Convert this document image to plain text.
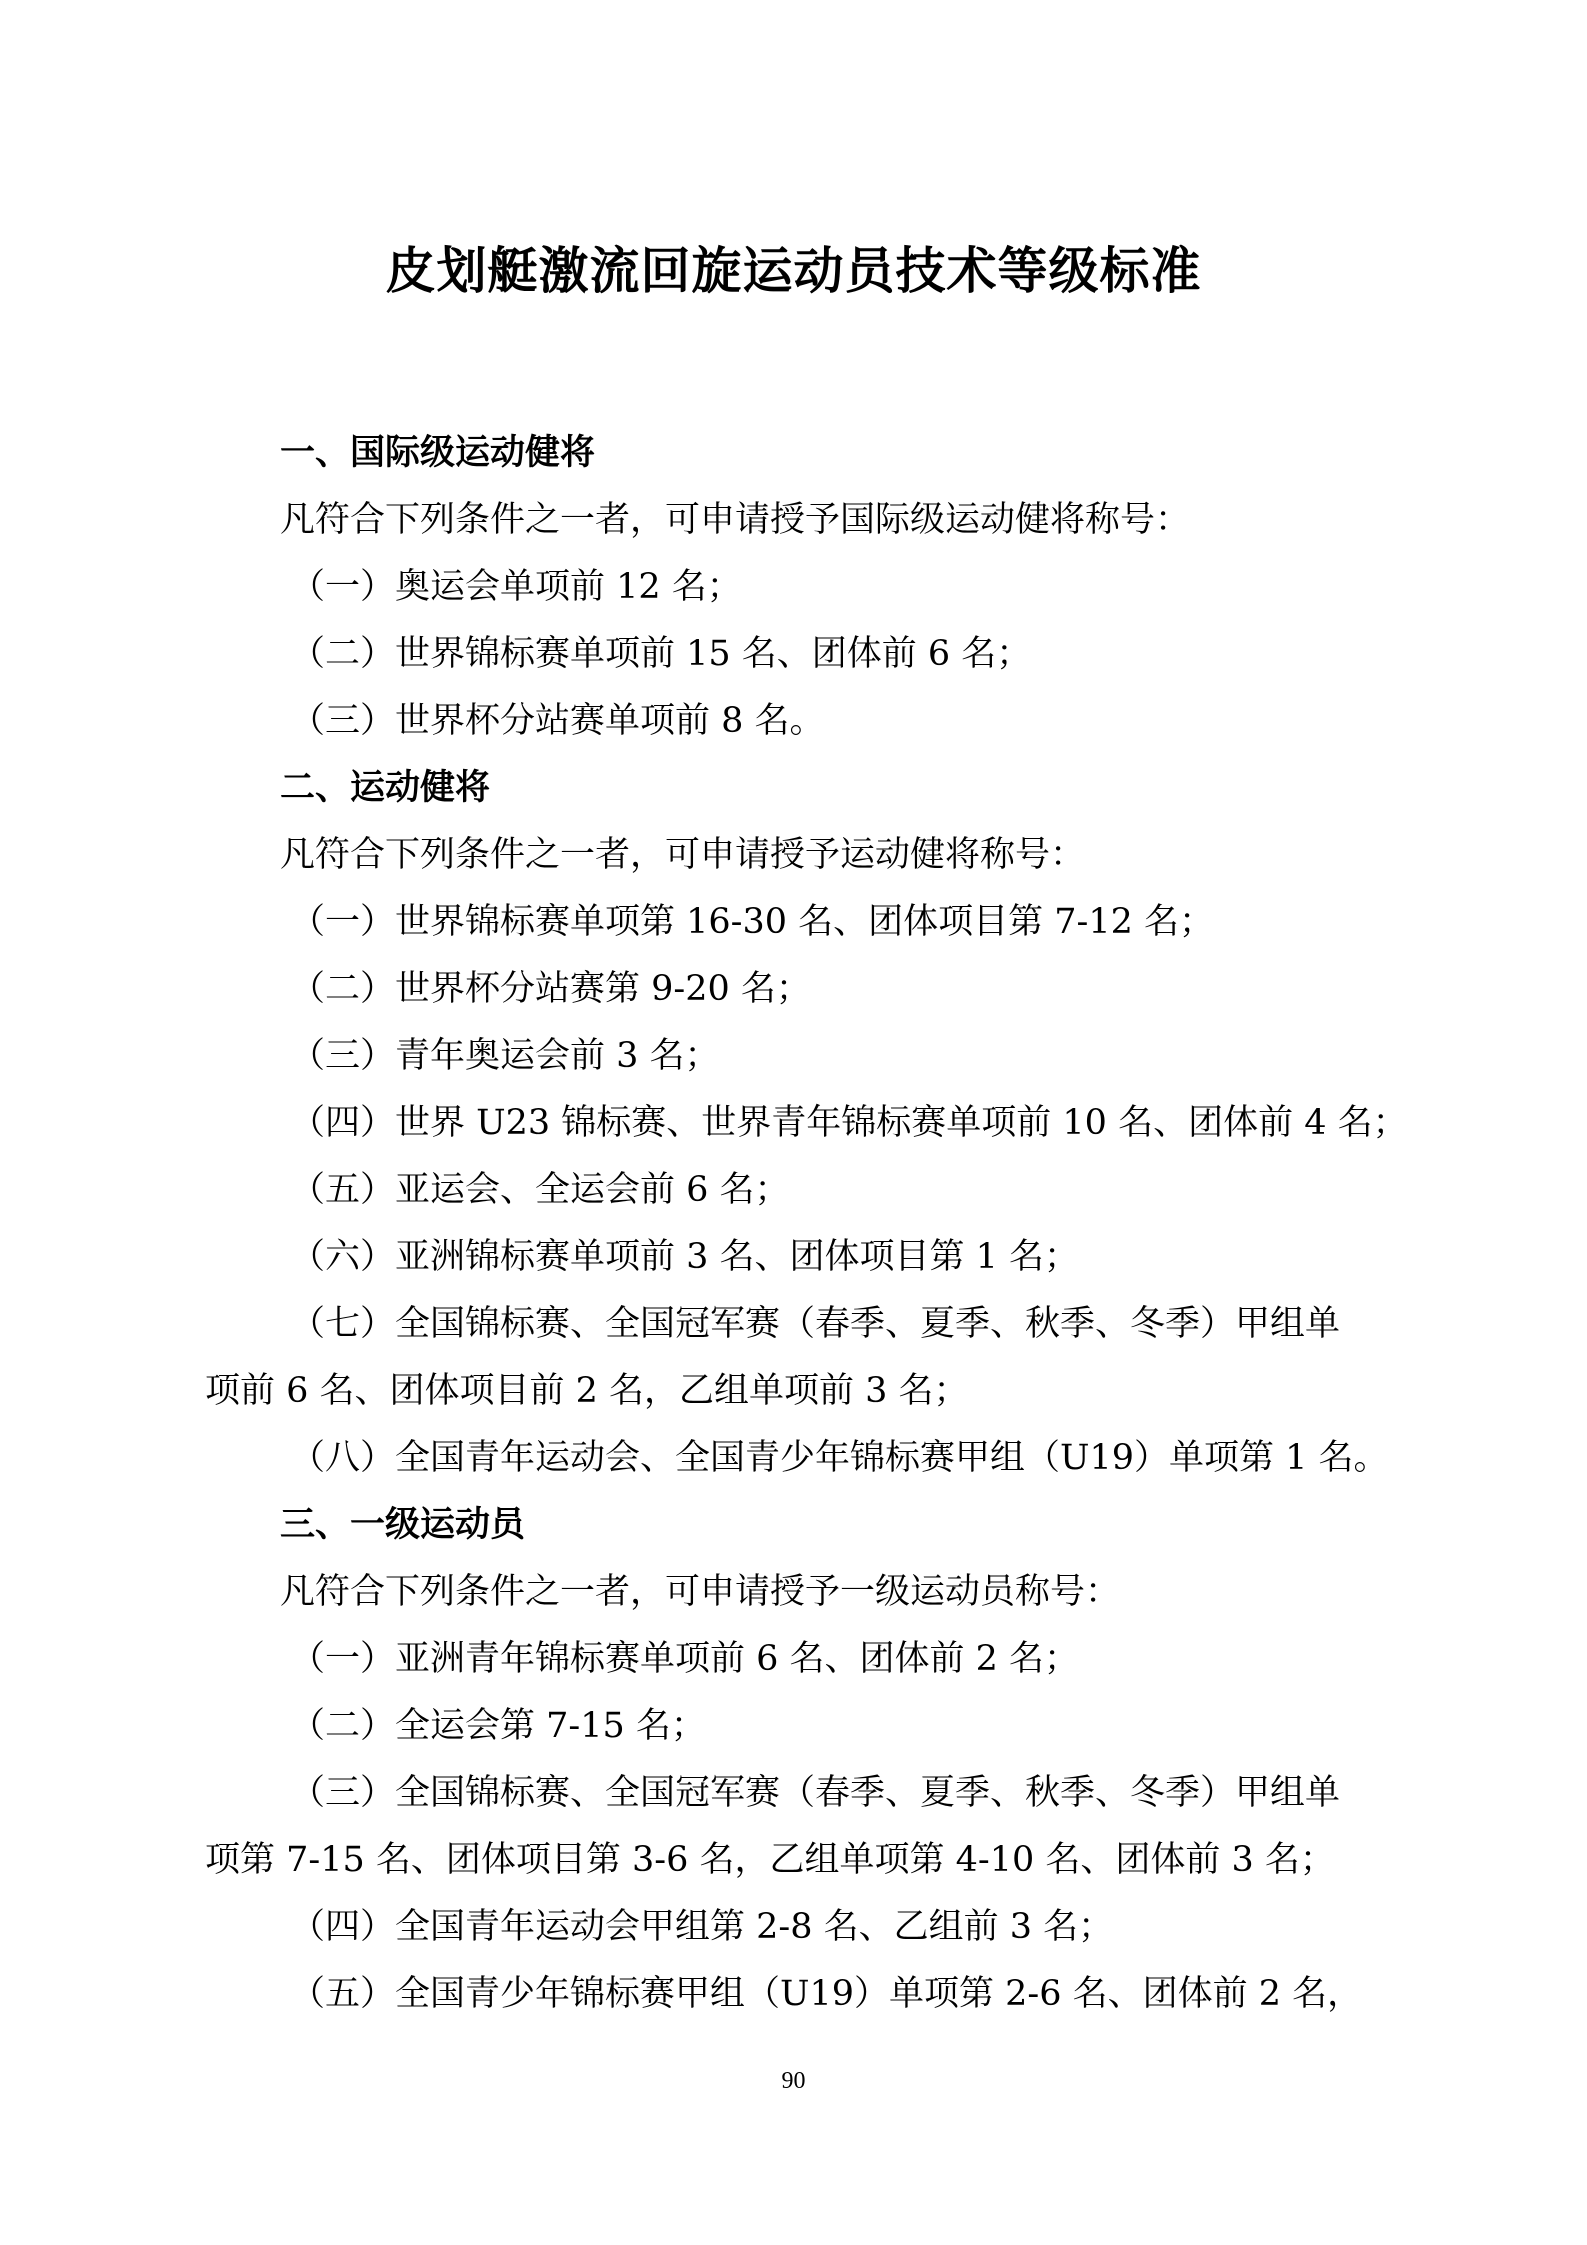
皮划艇激流回旋运动员技术等级标准

一、国际级运动健将

凡符合下列条件之一者，可申请授予国际级运动健将称号：

（一）奥运会单项前 12 名；

（二）世界锦标赛单项前 15 名、团体前 6 名；

（三）世界杯分站赛单项前 8 名。

二、运动健将

凡符合下列条件之一者，可申请授予运动健将称号：

（一）世界锦标赛单项第 16-30 名、团体项目第 7-12 名；

（二）世界杯分站赛第 9-20 名；

（三）青年奥运会前 3 名；

（四）世界 U23 锦标赛、世界青年锦标赛单项前 10 名、团体前 4 名；

（五）亚运会、全运会前 6 名；

（六）亚洲锦标赛单项前 3 名、团体项目第 1 名；

（七）全国锦标赛、全国冠军赛（春季、夏季、秋季、冬季）甲组单

项前 6 名、团体项目前 2 名，乙组单项前 3 名；

（八）全国青年运动会、全国青少年锦标赛甲组（U19）单项第 1 名。

三、一级运动员

凡符合下列条件之一者，可申请授予一级运动员称号：

（一）亚洲青年锦标赛单项前 6 名、团体前 2 名；

（二）全运会第 7-15 名；

（三）全国锦标赛、全国冠军赛（春季、夏季、秋季、冬季）甲组单

项第 7-15 名、团体项目第 3-6 名，乙组单项第 4-10 名、团体前 3 名；

（四）全国青年运动会甲组第 2-8 名、乙组前 3 名；

（五）全国青少年锦标赛甲组（U19）单项第 2-6 名、团体前 2 名，

90
